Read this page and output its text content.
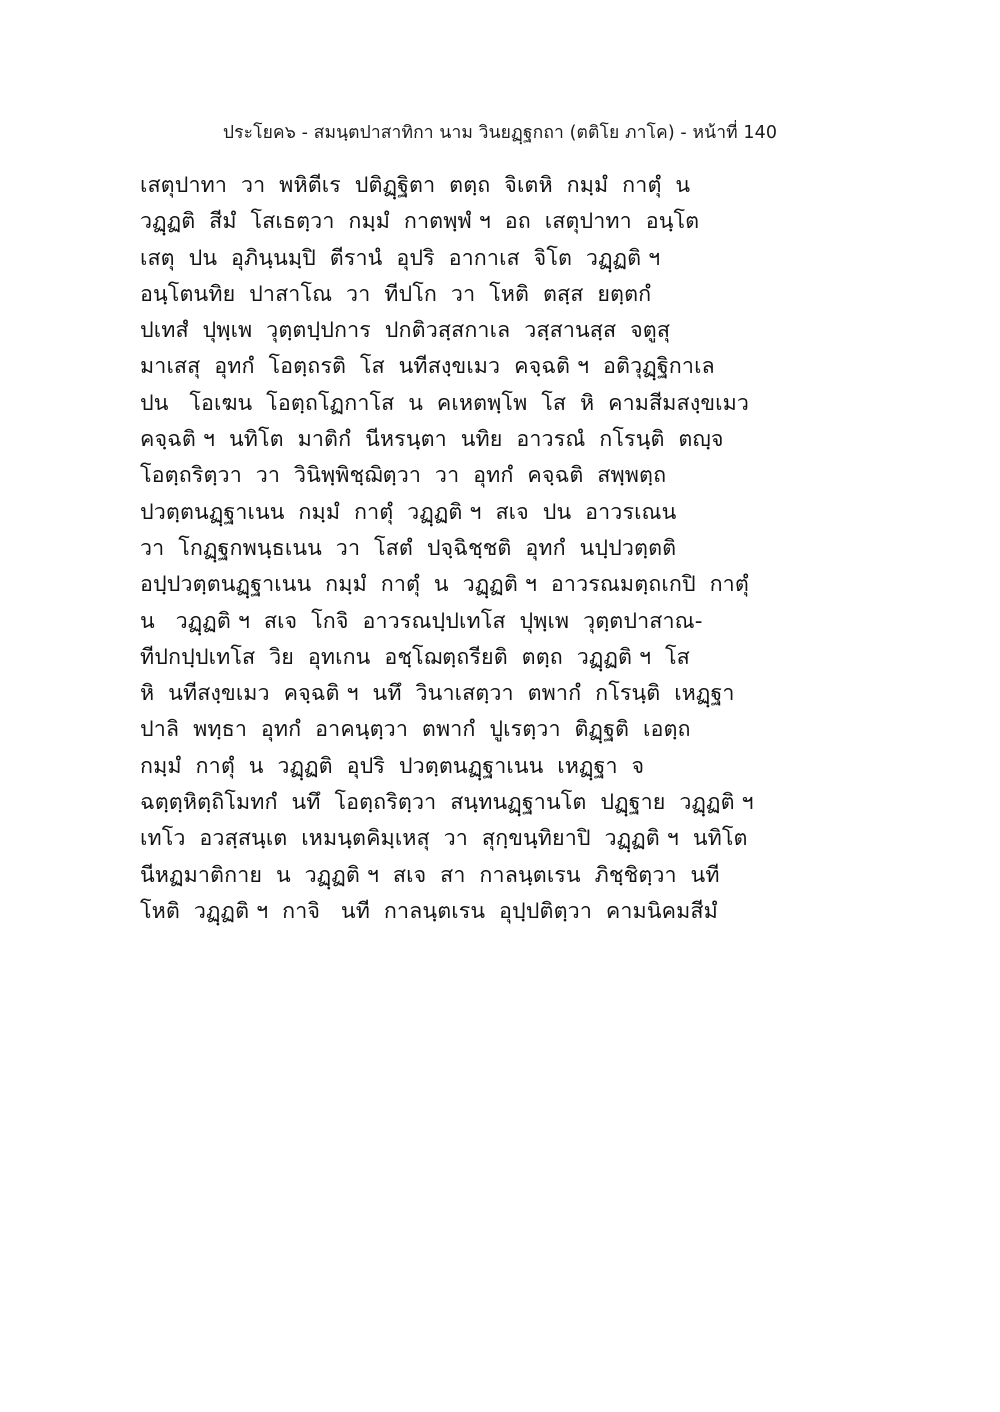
ประโยค๖ - สมนฺตปาสาทิกา นาม วินยฏฺฐกถา (ตติโย ภาโค) - หน้าที่ 140
เสตุปาทา  วา  พหิตีเร  ปติฏฺฐิตา  ตตฺถ  จิเตหิ  กมฺมํ  กาตุํ  น
วฏฺฏติ  สีมํ  โสเธตฺวา  กมฺมํ  กาตพฺพํ ฯ  อถ  เสตุปาทา  อนฺโต
เสตุ  ปน  อุภินฺนมฺปิ  ตีรานํ  อุปริ  อากาเส  จิโต  วฏฺฏติ ฯ
อนฺโตนทิย  ปาสาโณ  วา  ทีปโก  วา  โหติ  ตสฺส  ยตฺตกํ
ปเทสํ  ปุพฺเพ  วุตฺตปฺปการ  ปกติวสฺสกาเล  วสฺสานสฺส  จตูสุ
มาเสสุ  อุทกํ  โอตฺถรติ  โส  นทีสงฺขเมว  คจฺฉติ ฯ  อติวุฏฺฐิกาเล
ปน   โอเฆน  โอตฺถโฏกาโส  น  คเหตพฺโพ  โส  หิ  คามสีมสงฺขเมว
คจฺฉติ ฯ  นทิโต  มาติกํ  นีหรนฺตา  นทิย  อาวรณํ  กโรนฺติ  ตญฺจ
โอตฺถริตฺวา  วา  วินิพฺพิชฺฌิตฺวา  วา  อุทกํ  คจฺฉติ  สพฺพตฺถ
ปวตฺตนฏฺฐาเนน  กมฺมํ  กาตุํ  วฏฺฏติ ฯ  สเจ  ปน  อาวรเณน
วา  โกฏฺฐกพนฺธเนน  วา  โสตํ  ปจฺฉิชฺชติ  อุทกํ  นปฺปวตฺตติ
อปฺปวตฺตนฏฺฐาเนน  กมฺมํ  กาตุํ  น  วฏฺฏติ ฯ  อาวรณมตฺถเกปิ  กาตุํ
น   วฏฺฏติ ฯ  สเจ  โกจิ  อาวรณปฺปเทโส  ปุพฺเพ  วุตฺตปาสาณ-
ทีปกปฺปเทโส  วิย  อุทเกน  อชฺโฌตฺถรียติ  ตตฺถ  วฏฺฏติ ฯ  โส
หิ  นทีสงฺขเมว  คจฺฉติ ฯ  นทึ  วินาเสตฺวา  ตพากํ  กโรนฺติ  เหฏฺฐา
ปาลิ  พทฺธา  อุทกํ  อาคนฺตฺวา  ตพากํ  ปูเรตฺวา  ติฏฺฐติ  เอตฺถ
กมฺมํ  กาตุํ  น  วฏฺฏติ  อุปริ  ปวตฺตนฏฺฐาเนน  เหฏฺฐา  จ
ฉตฺตฺหิตฺถิโมทกํ  นทึ  โอตฺถริตฺวา  สนฺทนฏฺฐานโต  ปฏฺฐาย  วฏฺฏติ ฯ
เทโว  อวสฺสนฺเต  เหมนฺตคิมฺเหสุ  วา  สุกฺขนฺทิยาปิ  วฏฺฏติ ฯ  นทิโต
นีหฏมาติกาย  น  วฏฺฏติ ฯ  สเจ  สา  กาลนฺตเรน  ภิชฺชิตฺวา  นที
โหติ  วฏฺฏติ ฯ  กาจิ   นที  กาลนฺตเรน  อุปฺปติตฺวา  คามนิคมสีมํ
